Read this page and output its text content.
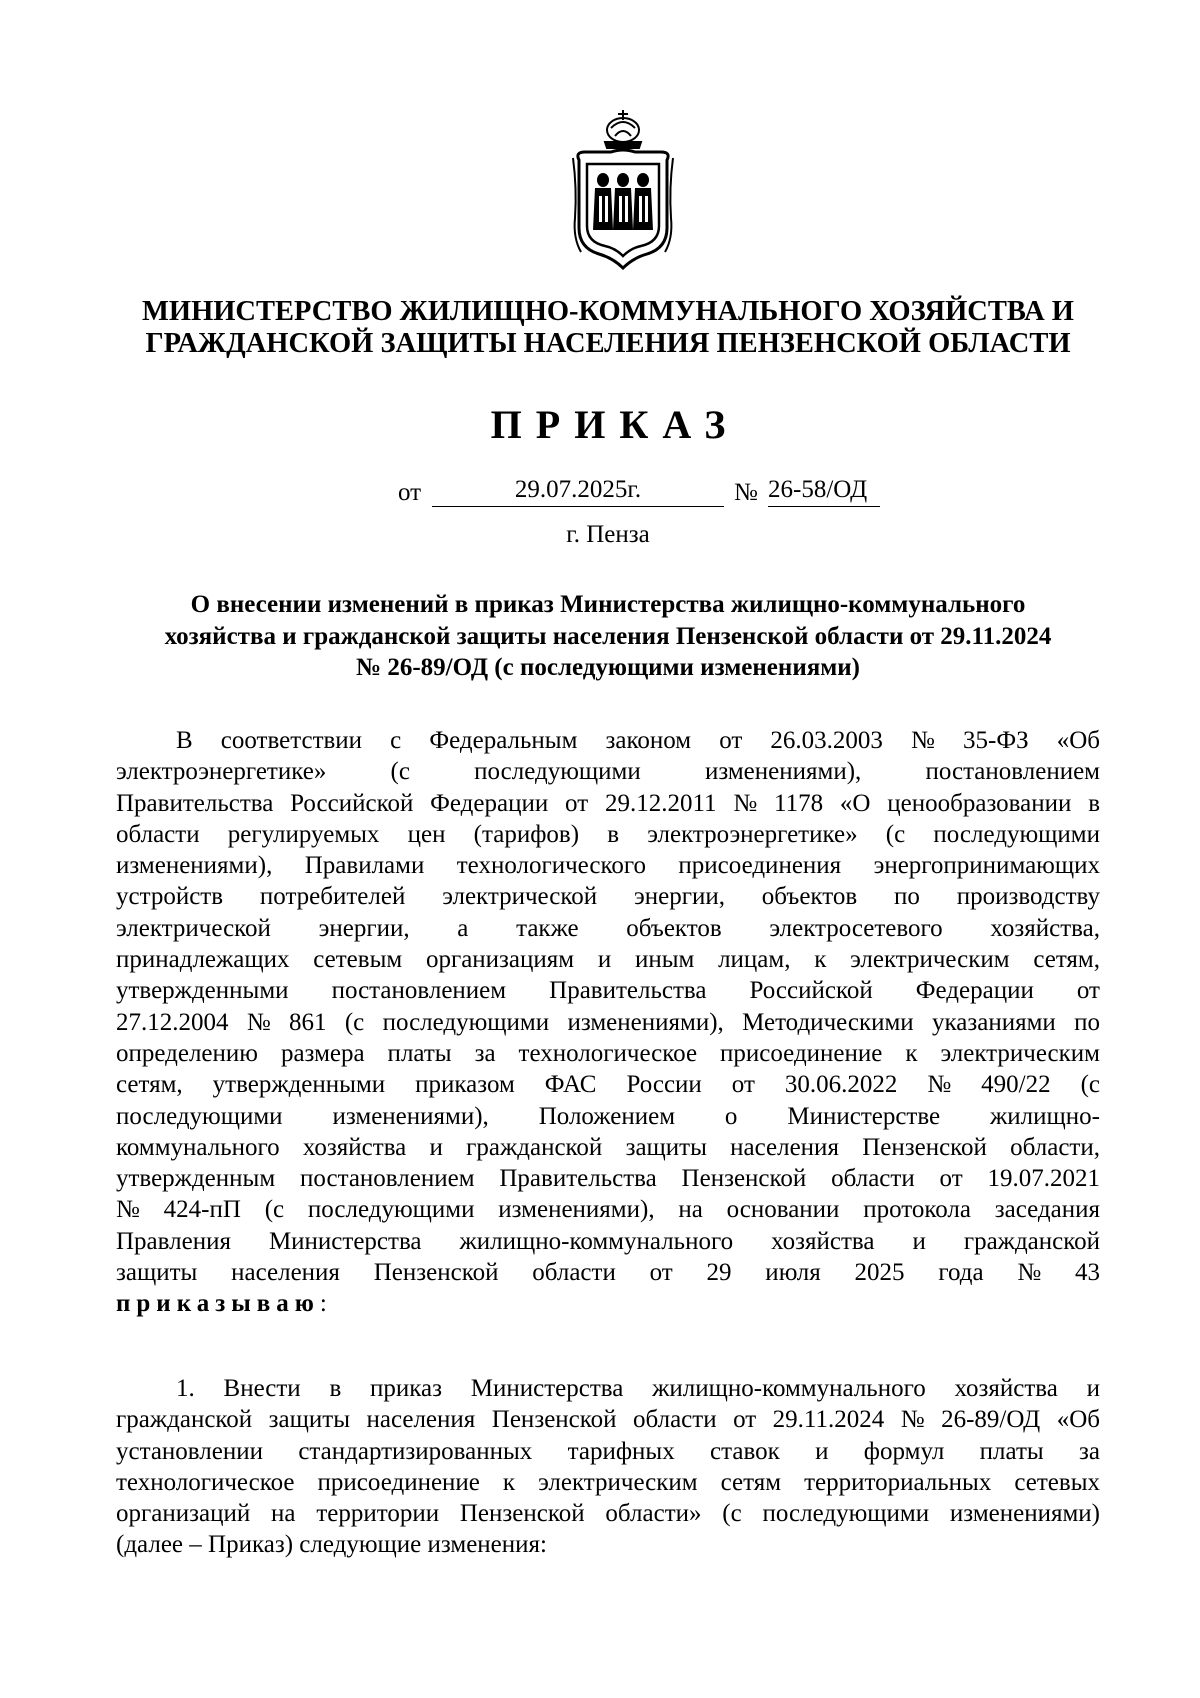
МИНИСТЕРСТВО ЖИЛИЩНО-КОММУНАЛЬНОГО ХОЗЯЙСТВА И
ГРАЖДАНСКОЙ ЗАЩИТЫ НАСЕЛЕНИЯ ПЕНЗЕНСКОЙ ОБЛАСТИ
ПРИКАЗ
от	29.07.2025г.	№ 26-58/ОД
г. Пенза
О внесении изменений в приказ Министерства жилищно-коммунального
хозяйства и гражданской защиты населения Пензенской области от 29.11.2024
№ 26-89/ОД (с последующими изменениями)
В соответствии с Федеральным законом от 26.03.2003 № 35-ФЗ «Об
электроэнергетике» (с последующими изменениями), постановлением
Правительства Российской Федерации от 29.12.2011 № 1178 «О ценообразовании в
области регулируемых цен (тарифов) в электроэнергетике» (с последующими
изменениями), Правилами технологического присоединения энергопринимающих
устройств потребителей электрической энергии, объектов по производству
электрической энергии, а также объектов электросетевого хозяйства,
принадлежащих сетевым организациям и иным лицам, к электрическим сетям,
утвержденными постановлением Правительства Российской Федерации от
27.12.2004 № 861 (с последующими изменениями), Методическими указаниями по
определению размера платы за технологическое присоединение к электрическим
сетям, утвержденными приказом ФАС России от 30.06.2022 № 490/22 (с
последующими изменениями), Положением о Министерстве жилищно-
коммунального хозяйства и гражданской защиты населения Пензенской области,
утвержденным постановлением Правительства Пензенской области от 19.07.2021
№ 424-пП (с последующими изменениями), на основании протокола заседания
Правления Министерства жилищно-коммунального хозяйства и гражданской
защиты населения Пензенской области от 29 июля 2025 года № 43
приказываю:
1. Внести в приказ Министерства жилищно-коммунального хозяйства и
гражданской защиты населения Пензенской области от 29.11.2024 № 26-89/ОД «Об
установлении стандартизированных тарифных ставок и формул платы за
технологическое присоединение к электрическим сетям территориальных сетевых
организаций на территории Пензенской области» (с последующими изменениями)
(далее – Приказ) следующие изменения:
